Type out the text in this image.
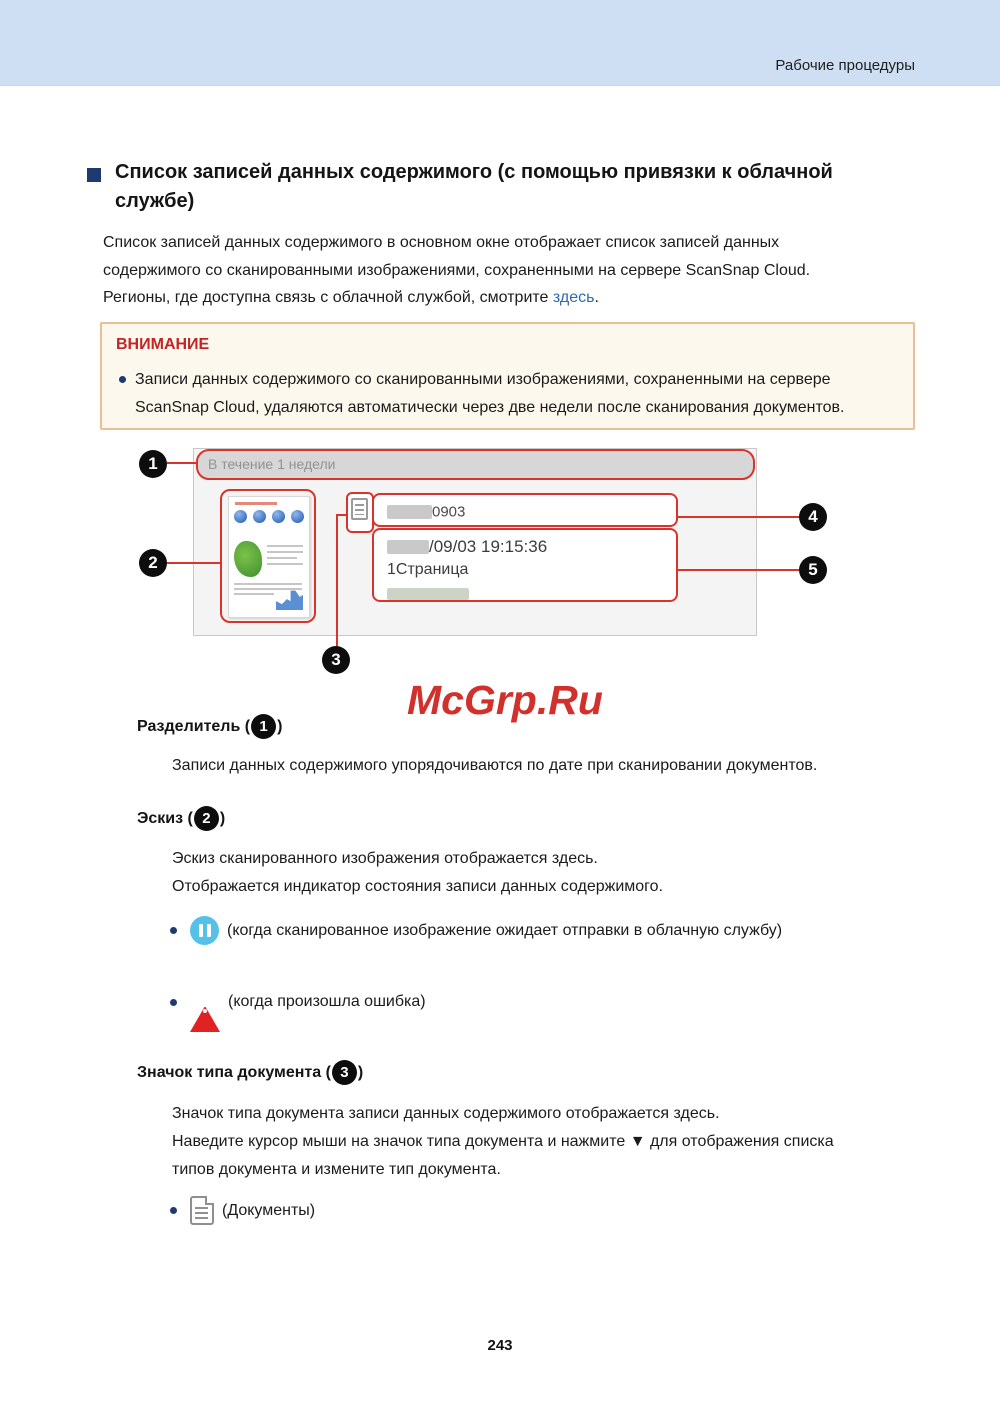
Рабочие процедуры
Список записей данных содержимого (с помощью привязки к облачной
службе)
Список записей данных содержимого в основном окне отображает список записей данных
содержимого со сканированными изображениями, сохраненными на сервере ScanSnap Cloud.
Регионы, где доступна связь с облачной службой, смотрите здесь.
ВНИМАНИЕ
Записи данных содержимого со сканированными изображениями, сохраненными на сервере
ScanSnap Cloud, удаляются автоматически через две недели после сканирования документов.
В течение 1 недели
0903
/09/03 19:15:36
1Страница
1
2
3
4
5
McGrp.Ru
Разделитель ( 1 )
Записи данных содержимого упорядочиваются по дате при сканировании документов.
Эскиз ( 2 )
Эскиз сканированного изображения отображается здесь.
Отображается индикатор состояния записи данных содержимого.
(когда сканированное изображение ожидает отправки в облачную службу)
(когда произошла ошибка)
Значок типа документа ( 3 )
Значок типа документа записи данных содержимого отображается здесь.
Наведите курсор мыши на значок типа документа и нажмите ▼ для отображения списка
типов документа и измените тип документа.
(Документы)
243
